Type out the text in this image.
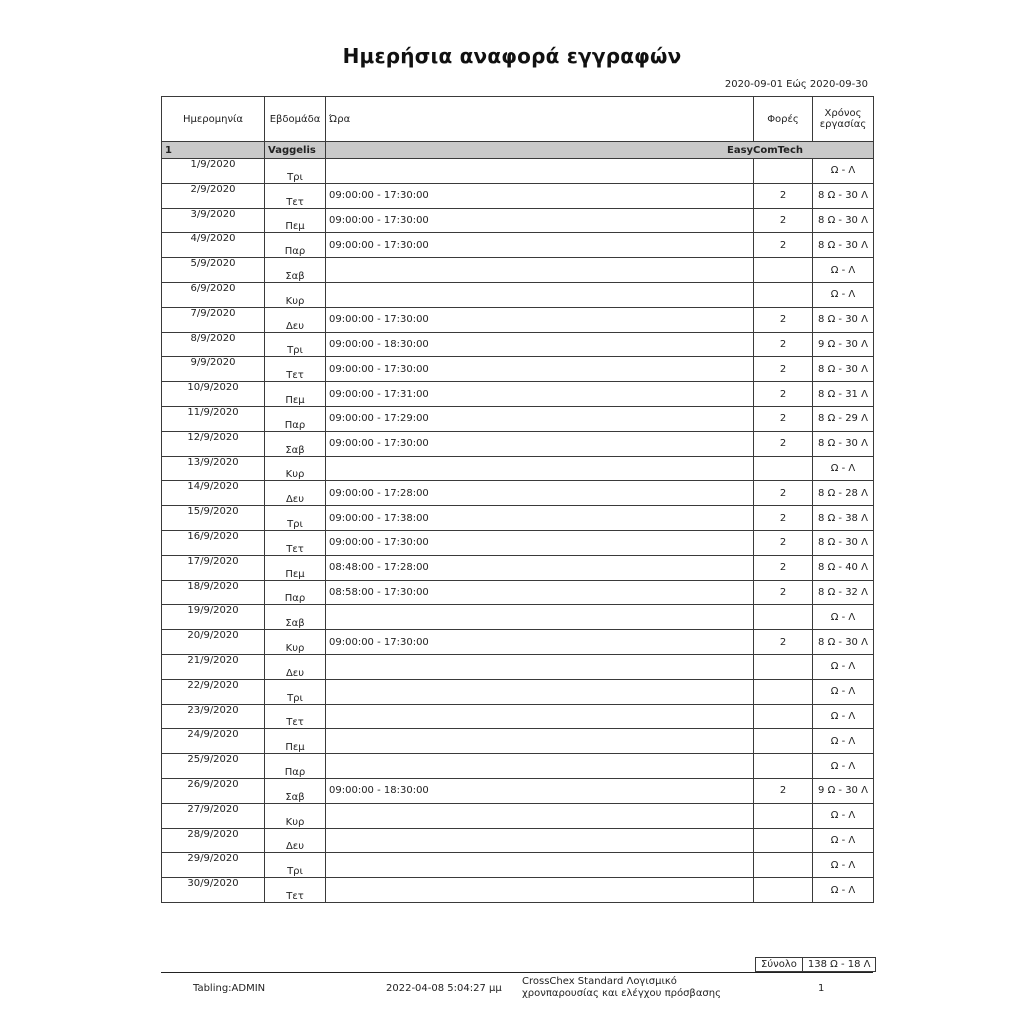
Ημερήσια αναφορά εγγραφών
2020-09-01 Εώς 2020-09-30
Ημερομηνία	Εβδομάδα	Ώρα	Φορές	Χρόνος
εργασίας
1	Vaggelis	EasyComTech		
1/9/2020	Τρι			Ω - Λ
2/9/2020	Τετ	09:00:00 - 17:30:00	2	8 Ω - 30 Λ
3/9/2020	Πεμ	09:00:00 - 17:30:00	2	8 Ω - 30 Λ
4/9/2020	Παρ	09:00:00 - 17:30:00	2	8 Ω - 30 Λ
5/9/2020	Σαβ			Ω - Λ
6/9/2020	Κυρ			Ω - Λ
7/9/2020	Δευ	09:00:00 - 17:30:00	2	8 Ω - 30 Λ
8/9/2020	Τρι	09:00:00 - 18:30:00	2	9 Ω - 30 Λ
9/9/2020	Τετ	09:00:00 - 17:30:00	2	8 Ω - 30 Λ
10/9/2020	Πεμ	09:00:00 - 17:31:00	2	8 Ω - 31 Λ
11/9/2020	Παρ	09:00:00 - 17:29:00	2	8 Ω - 29 Λ
12/9/2020	Σαβ	09:00:00 - 17:30:00	2	8 Ω - 30 Λ
13/9/2020	Κυρ			Ω - Λ
14/9/2020	Δευ	09:00:00 - 17:28:00	2	8 Ω - 28 Λ
15/9/2020	Τρι	09:00:00 - 17:38:00	2	8 Ω - 38 Λ
16/9/2020	Τετ	09:00:00 - 17:30:00	2	8 Ω - 30 Λ
17/9/2020	Πεμ	08:48:00 - 17:28:00	2	8 Ω - 40 Λ
18/9/2020	Παρ	08:58:00 - 17:30:00	2	8 Ω - 32 Λ
19/9/2020	Σαβ			Ω - Λ
20/9/2020	Κυρ	09:00:00 - 17:30:00	2	8 Ω - 30 Λ
21/9/2020	Δευ			Ω - Λ
22/9/2020	Τρι			Ω - Λ
23/9/2020	Τετ			Ω - Λ
24/9/2020	Πεμ			Ω - Λ
25/9/2020	Παρ			Ω - Λ
26/9/2020	Σαβ	09:00:00 - 18:30:00	2	9 Ω - 30 Λ
27/9/2020	Κυρ			Ω - Λ
28/9/2020	Δευ			Ω - Λ
29/9/2020	Τρι			Ω - Λ
30/9/2020	Τετ			Ω - Λ
Σύνολο	138 Ω - 18 Λ
Tabling:ADMIN	2022-04-08 5:04:27 μμ
CrossChex Standard Λογισμικό
χρονπαρουσίας και ελέγχου πρόσβασης	1
